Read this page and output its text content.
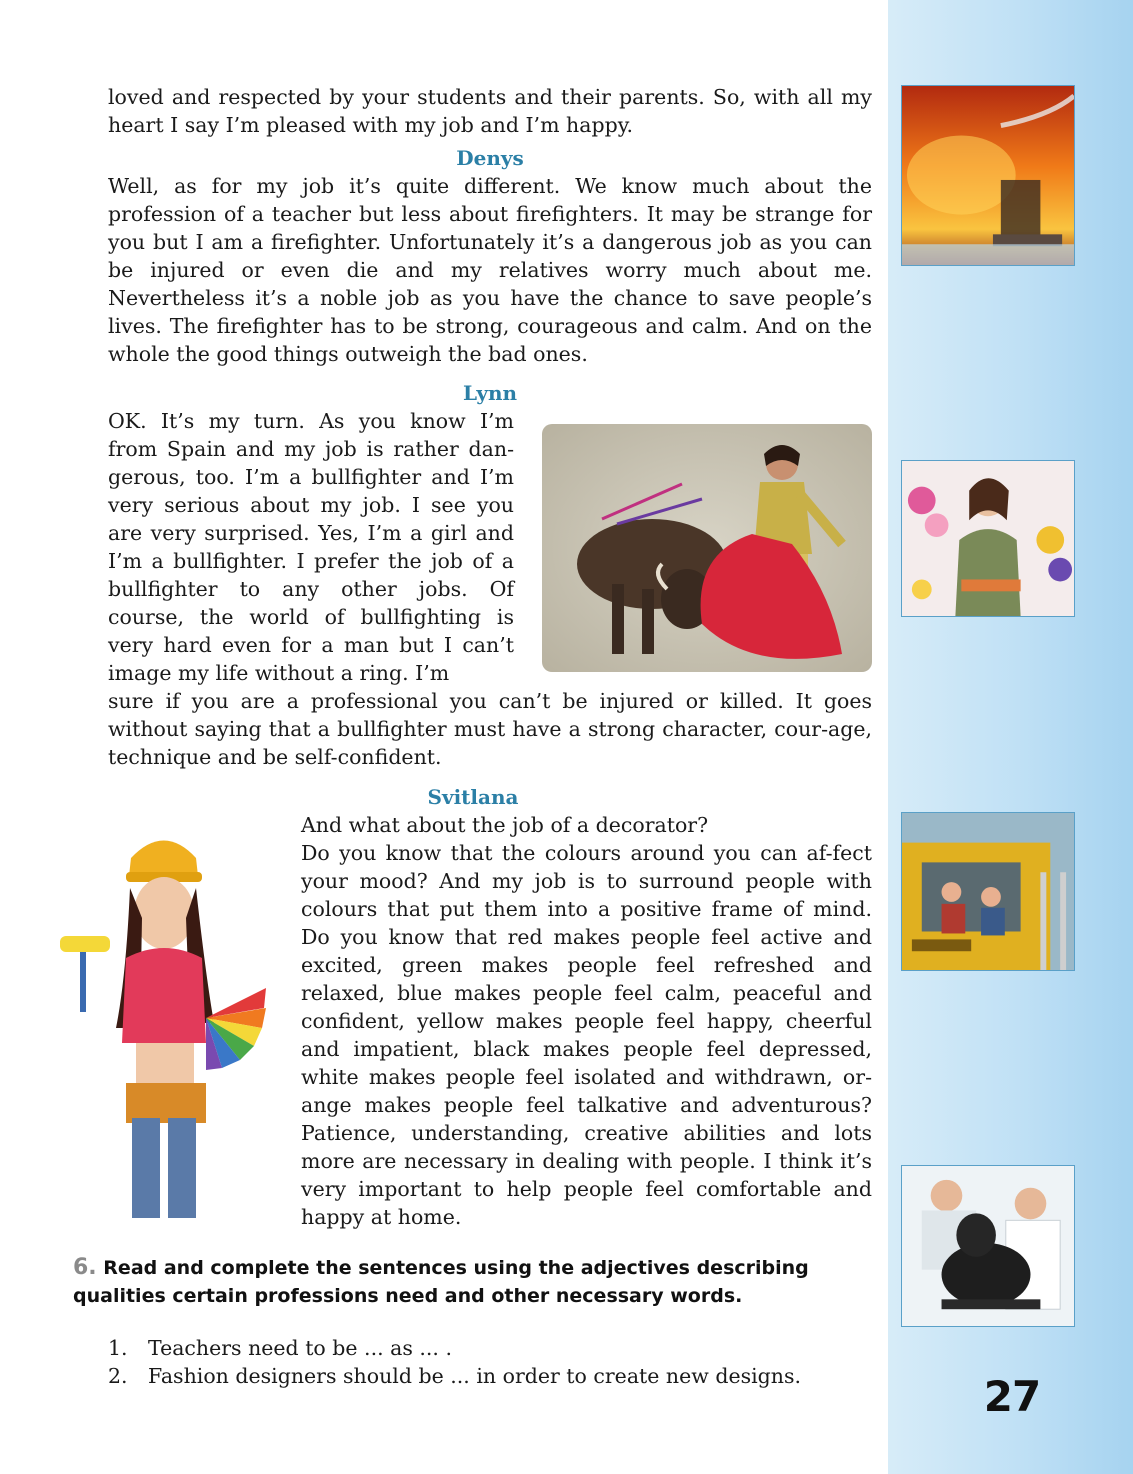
27

loved and respected by your students and their parents. So, with all my heart I say I’m pleased with my job and I’m happy.

Denys

Well, as for my job it’s quite different. We know much about the profession of a teacher but less about firefighters. It may be strange for you but I am a firefighter. Unfortunately it’s a dangerous job as you can be injured or even die and my relatives worry much about me. Nevertheless it’s a noble job as you have the chance to save people’s lives. The firefighter has to be strong, courageous and calm. And on the whole the good things outweigh the bad ones.

Lynn

OK. It’s my turn. As you know I’m from Spain and my job is rather dan-gerous, too. I’m a bullfighter and I’m very serious about my job. I see you are very surprised. Yes, I’m a girl and I’m a bullfighter. I prefer the job of a bullfighter to any other jobs. Of course, the world of bullfighting is very hard even for a man but I can’t image my life without a ring. I’m

sure if you are a professional you can’t be injured or killed. It goes without saying that a bullfighter must have a strong character, cour-age, technique and be self-confident.

Svitlana

And what about the job of a decorator?

Do you know that the colours around you can af-fect your mood? And my job is to surround people with colours that put them into a positive frame of mind. Do you know that red makes people feel active and excited, green makes people feel refreshed and relaxed, blue makes people feel calm, peaceful and confident, yellow makes people feel happy, cheerful and impatient, black makes people feel depressed, white makes people feel isolated and withdrawn, or-ange makes people feel talkative and adventurous? Patience, understanding, creative abilities and lots more are necessary in dealing with people. I think it’s very important to help people feel comfortable and happy at home.

6. Read and complete the sentences using the adjectives describing qualities certain professions need and other necessary words.

1. Teachers need to be ... as ... .
2. Fashion designers should be ... in order to create new designs.
